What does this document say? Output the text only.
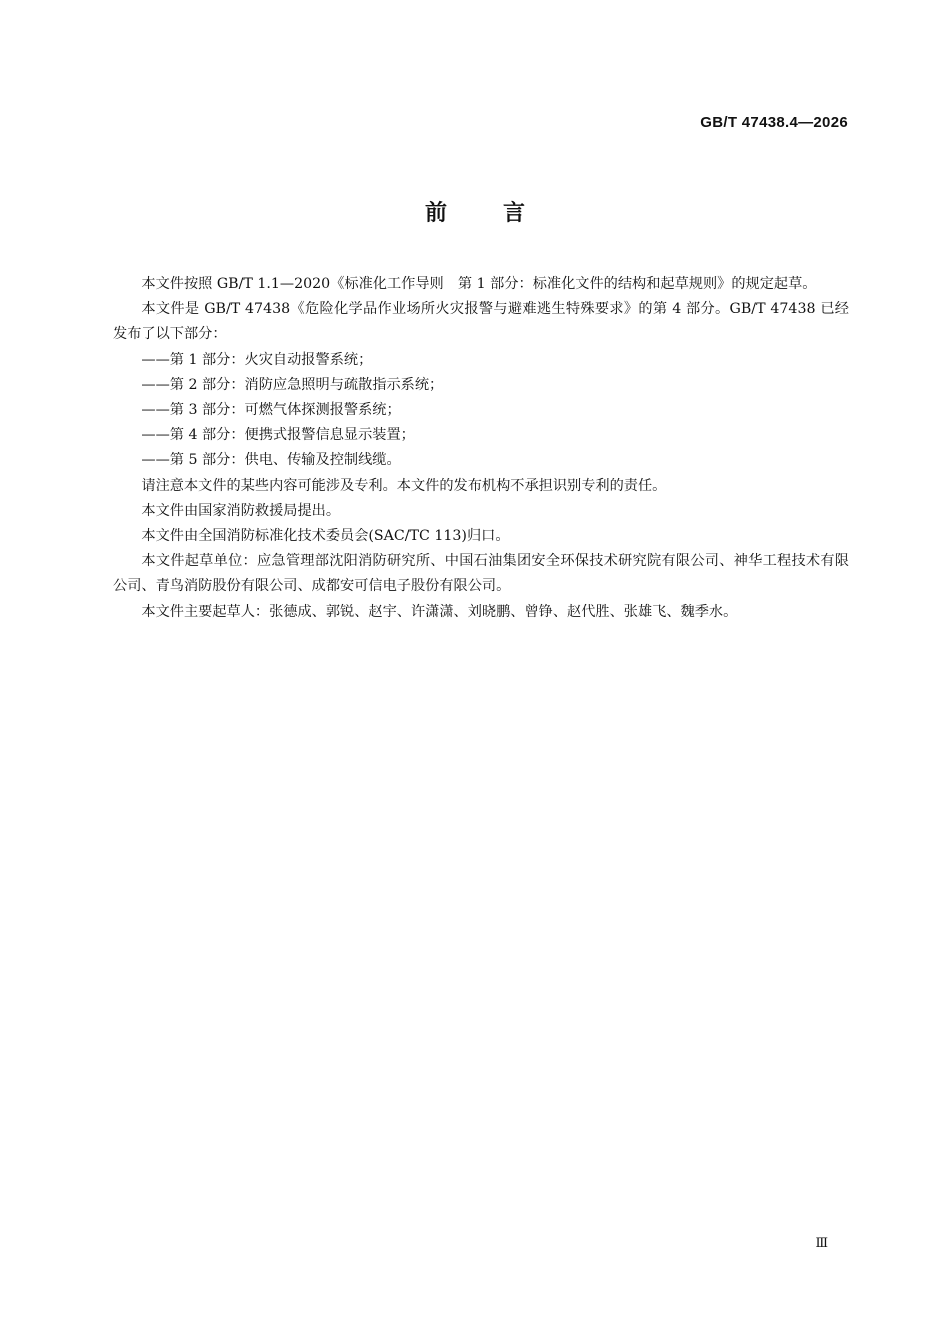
GB/T 47438.4—2026
前	言

本文件按照 GB/T 1.1—2020《标准化工作导则　第 1 部分：标准化文件的结构和起草规则》的规定起草。

本文件是 GB/T 47438《危险化学品作业场所火灾报警与避难逃生特殊要求》的第 4 部分。GB/T 47438 已经发布了以下部分：

——第 1 部分：火灾自动报警系统；

——第 2 部分：消防应急照明与疏散指示系统；

——第 3 部分：可燃气体探测报警系统；

——第 4 部分：便携式报警信息显示装置；

——第 5 部分：供电、传输及控制线缆。

请注意本文件的某些内容可能涉及专利。本文件的发布机构不承担识别专利的责任。

本文件由国家消防救援局提出。

本文件由全国消防标准化技术委员会(SAC/TC 113)归口。

本文件起草单位：应急管理部沈阳消防研究所、中国石油集团安全环保技术研究院有限公司、神华工程技术有限公司、青鸟消防股份有限公司、成都安可信电子股份有限公司。

本文件主要起草人：张德成、郭锐、赵宇、许潇潇、刘晓鹏、曾铮、赵代胜、张雄飞、魏季水。

Ⅲ
